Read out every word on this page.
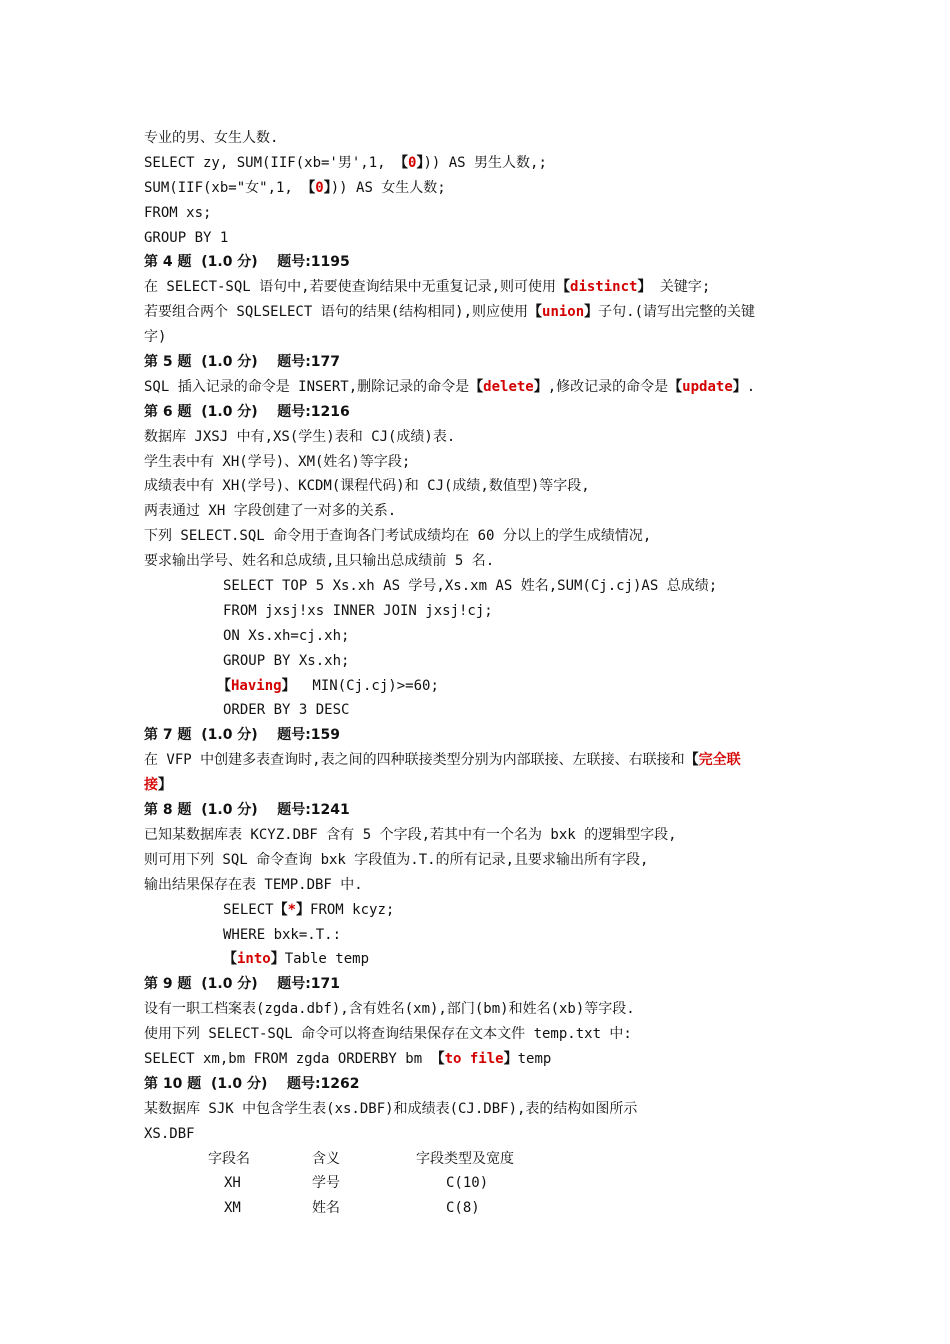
专业的男、女生人数.
SELECT zy, SUM(IIF(xb='男',1, 【0】)) AS 男生人数,;
SUM(IIF(xb="女",1, 【0】)) AS 女生人数;
FROM xs;
GROUP BY 1
第 4 题  (1.0 分)    题号:1195
在 SELECT-SQL 语句中,若要使查询结果中无重复记录,则可使用【distinct】 关键字;
若要组合两个 SQLSELECT 语句的结果(结构相同),则应使用【union】子句.(请写出完整的关键
字)
第 5 题  (1.0 分)    题号:177
SQL 插入记录的命令是 INSERT,删除记录的命令是【delete】,修改记录的命令是【update】.
第 6 题  (1.0 分)    题号:1216
数据库 JXSJ 中有,XS(学生)表和 CJ(成绩)表.
学生表中有 XH(学号)、XM(姓名)等字段;
成绩表中有 XH(学号)、KCDM(课程代码)和 CJ(成绩,数值型)等字段,
两表通过 XH 字段创建了一对多的关系.
下列 SELECT.SQL 命令用于查询各门考试成绩均在 60 分以上的学生成绩情况,
要求输出学号、姓名和总成绩,且只输出总成绩前 5 名.
SELECT TOP 5 Xs.xh AS 学号,Xs.xm AS 姓名,SUM(Cj.cj)AS 总成绩;
FROM jxsj!xs INNER JOIN jxsj!cj;
ON Xs.xh=cj.xh;
GROUP BY Xs.xh;
【Having】  MIN(Cj.cj)>=60;
ORDER BY 3 DESC
第 7 题  (1.0 分)    题号:159
在 VFP 中创建多表查询时,表之间的四种联接类型分别为内部联接、左联接、右联接和【完全联
接】
第 8 题  (1.0 分)    题号:1241
已知某数据库表 KCYZ.DBF 含有 5 个字段,若其中有一个名为 bxk 的逻辑型字段,
则可用下列 SQL 命令查询 bxk 字段值为.T.的所有记录,且要求输出所有字段,
输出结果保存在表 TEMP.DBF 中.
SELECT【*】FROM kcyz;
WHERE bxk=.T.:
【into】Table temp
第 9 题  (1.0 分)    题号:171
设有一职工档案表(zgda.dbf),含有姓名(xm),部门(bm)和姓名(xb)等字段.
使用下列 SELECT-SQL 命令可以将查询结果保存在文本文件 temp.txt 中:
SELECT xm,bm FROM zgda ORDERBY bm 【to file】temp
第 10 题  (1.0 分)    题号:1262
某数据库 SJK 中包含学生表(xs.DBF)和成绩表(CJ.DBF),表的结构如图所示
XS.DBF
字段名	含义	字段类型及宽度
XH	学号	C(10)
XM	姓名	C(8)
